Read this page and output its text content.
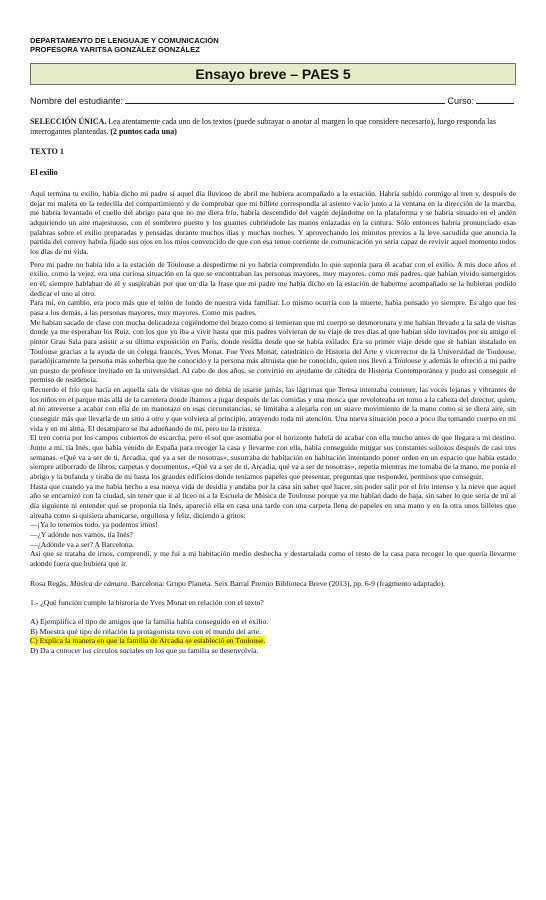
DEPARTAMENTO DE LENGUAJE Y COMUNICACIÓN
PROFESORA YARITSA GONZÁLEZ GONZÁLEZ
Ensayo breve – PAES 5
Nombre del estudiante:	Curso:
SELECCIÓN ÚNICA. Lea atentamente cada uno de los textos (puede subrayar o anotar al margen lo que considere necesario), luego responda las interrogantes planteadas. (2 puntos cada una)
TEXTO 1
El exilio

Aquí termina tu exilio, había dicho mi padre si aquel día lluvioso de abril me hubiera acompañado a la estación. Habría subido conmigo al tren y, después de dejar mi maleta en la redecilla del compartimiento y de comprobar que mi billete correspondía al asiento vacío junto a la ventana en la dirección de la marcha, me habría levantado el cuello del abrigo para que no me diera frío, habría descendido del vagón dejándome en la plataforma y se habría situado en el andén adquiriendo un aire majestuoso, con el sombrero puesto y los guantes cubriéndole las manos enlazadas en la cintura. Sólo entonces habría pronunciado esas palabras sobre el exilio preparadas y pensadas durante muchos días y muchas noches. Y aprovechando los minutos previos a la leve sacudida que anuncia la partida del convoy habría fijado sus ojos en los míos convencido de que con esa tenue corriente de comunicación yo sería capaz de revivir aquel momento todos los días de mi vida.

Pero mi padre no había ido a la estación de Toulouse a despedirme ni yo habría comprendido lo que suponía para él acabar con el exilio. A mis doce años el exilio, como la vejez, era una curiosa situación en la que se encontraban las personas mayores, muy mayores, como mis padres, que habían vivido sumergidos en él, siempre hablaban de él y suspiraban por que un día la frase que mi padre me había dicho en la estación de haberme acompañado se la hubieran podido dedicar el uno al otro.

Para mí, en cambio, era poco más que el telón de fondo de nuestra vida familiar. Lo mismo ocurría con la muerte, había pensado yo siempre. Es algo que les pasa a los demás, a las personas mayores, muy mayores. Como mis padres.

Me habían sacado de clase con mucha delicadeza cogiéndome del brazo como si temieran que mi cuerpo se desmoronara y me habían llevado a la sala de visitas donde ya me esperaban los Ruiz, con los que yo iba a vivir hasta que mis padres volvieran de su viaje de tres días al que habían sido invitados por su amigo el pintor Grau Sala para asistir a su última exposición en París, donde residía desde que se había exilado. Era su primer viaje desde que se habían instalado en Toulouse gracias a la ayuda de un colega francés, Yves Monat. Fue Yves Monat, catedrático de Historia del Arte y vicerrector de la Universidad de Toulouse, paradójicamente la persona más soberbia que he conocido y la persona más altruista que he conocido, quien nos llevó a Toulouse y además le ofreció a mi padre un puesto de profesor invitado en la universidad. Al cabo de dos años, se convirtió en ayudante de cátedra de Historia Contemporánea y pudo así conseguir el permiso de residencia.

Recuerdo el frío que hacía en aquella sala de visitas que no debía de usarse jamás, las lágrimas que Teresa intentaba contener, las voces lejanas y vibrantes de los niños en el parque más allá de la carretera donde íbamos a jugar después de las comidas y una mosca que revoloteaba en torno a la cabeza del director, quien, al no atreverse a acabar con ella de un manotazo en esas circunstancias, se limitaba a alejarla con un suave movimiento de la mano como si se diera aire, sin conseguir más que llevarla de un sitio a otro y que volviera al principio, atrayendo toda mi atención. Una nueva situación poco a poco iba tomando cuerpo en mi vida y en mi alma. El desamparo se iba adueñando de mí, pero no la tristeza.

El tren corría por los campos cubiertos de escarcha, pero el sol que asomaba por el horizonte habría de acabar con ella mucho antes de que llegara a mi destino. Junto a mí, tía Inés, que había venido de España para recoger la casa y llevarme con ella, había conseguido mitigar sus constantes sollozos después de casi tres semanas. «Qué va a ser de ti, Arcadia, qué va a ser de nosotras», susurraba de habitación en habitación intentando poner orden en un espacio que había estado siempre atiborrado de libros, carpetas y documentos. «Qué va a ser de ti, Arcadia, qué va a ser de nosotras», repetía mientras me tomaba de la mano, me ponía el abrigo y la bufanda y tiraba de mí hasta los grandes edificios donde teníamos papeles que presentar, preguntas que responder, permisos que conseguir.

Hasta que cuando ya me había hecho a esa nueva vida de desidia y andaba por la casa sin saber qué hacer, sin poder salir por el frío intenso y la nieve que aquel año se encarnizó con la ciudad, sin tener que ir al liceo ni a la Escuela de Música de Toulouse porque ya me habían dado de baja, sin saber lo que sería de mí al día siguiente ni entender qué se proponía tía Inés, apareció ella en casa una tarde con una carpeta llena de papeles en una mano y en la otra unos billetes que aireaba como si quisiera abanicarse, orgullosa y feliz, diciendo a gritos:

—¡Ya lo tenemos todo, ya podemos irnos!

—¿Y adónde nos vamos, tía Inés?

—¿Adónde va a ser? A Barcelona.

Así que se trataba de irnos, comprendí, y me fui a mi habitación medio deshecha y destartalada como el resto de la casa para recoger lo que quería llevarme adonde fuera que hubiera que ir.

Rosa Regàs, Música de cámara. Barcelona: Grupo Planeta. Seix Barral Premio Biblioteca Breve (2013), pp. 6-9 (fragmento adaptado).
1.- ¿Qué función cumple la historia de Yves Monat en relación con el texto?
A) Ejemplifica el tipo de amigos que la familia había conseguido en el exilio.
B) Muestra qué tipo de relación la protagonista tuvo con el mundo del arte.
C) Explica la manera en que la familia de Arcadia se estableció en Toulouse.
D) Da a conocer los círculos sociales en los que su familia se desenvolvía.
